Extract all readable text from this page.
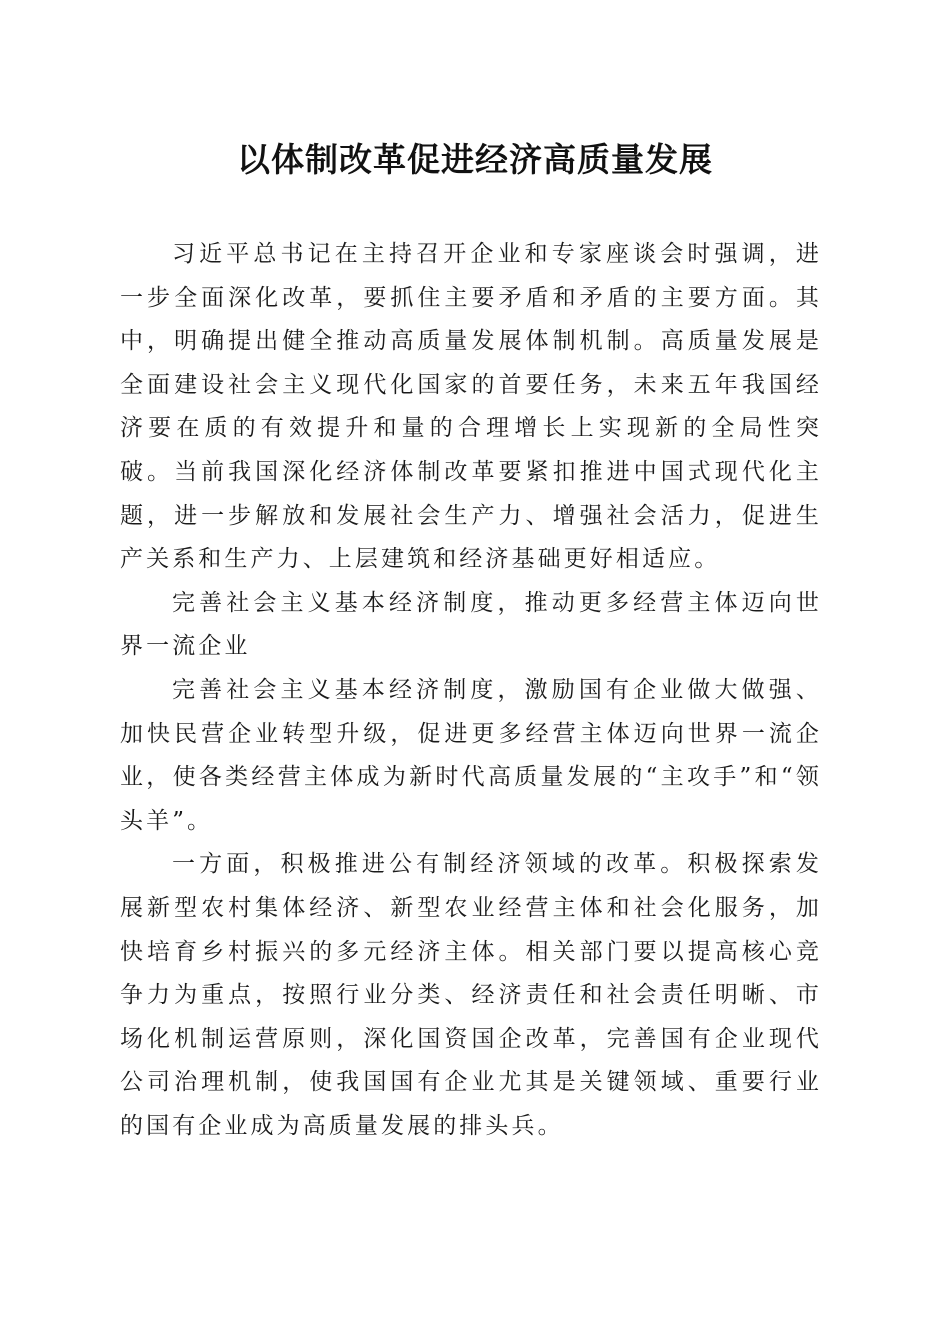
以体制改革促进经济高质量发展

习近平总书记在主持召开企业和专家座谈会时强调，进一步全面深化改革，要抓住主要矛盾和矛盾的主要方面。其中，明确提出健全推动高质量发展体制机制。高质量发展是全面建设社会主义现代化国家的首要任务，未来五年我国经济要在质的有效提升和量的合理增长上实现新的全局性突破。当前我国深化经济体制改革要紧扣推进中国式现代化主题，进一步解放和发展社会生产力、增强社会活力，促进生产关系和生产力、上层建筑和经济基础更好相适应。

完善社会主义基本经济制度，推动更多经营主体迈向世界一流企业

完善社会主义基本经济制度，激励国有企业做大做强、加快民营企业转型升级，促进更多经营主体迈向世界一流企业，使各类经营主体成为新时代高质量发展的“主攻手”和“领头羊”。

一方面，积极推进公有制经济领域的改革。积极探索发展新型农村集体经济、新型农业经营主体和社会化服务，加快培育乡村振兴的多元经济主体。相关部门要以提高核心竞争力为重点，按照行业分类、经济责任和社会责任明晰、市场化机制运营原则，深化国资国企改革，完善国有企业现代公司治理机制，使我国国有企业尤其是关键领域、重要行业的国有企业成为高质量发展的排头兵。
